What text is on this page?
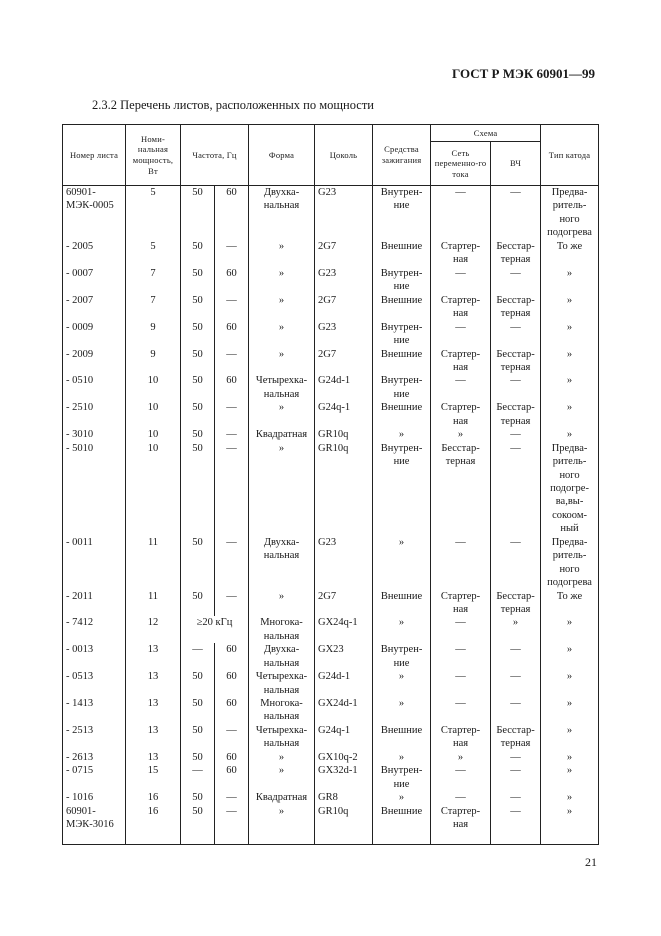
ГОСТ Р МЭК 60901—99
2.3.2 Перечень листов, расположенных по мощности
Номер листа	Номи-нальная мощность, Вт	Частота, Гц		Форма	Цоколь	Средства зажигания	Схема		Тип катода
							Сеть переменно-го тока	ВЧ	
60901-МЭК-0005	5	50	60	Двухка-нальная	G23	Внутрен-ние	—	—	Предва-ритель-ного подогрева
- 2005	5	50	—	»	2G7	Внешние	Стартер-ная	Бесстар-терная	То же
- 0007	7	50	60	»	G23	Внутрен-ние	—	—	»
- 2007	7	50	—	»	2G7	Внешние	Стартер-ная	Бесстар-терная	»
- 0009	9	50	60	»	G23	Внутрен-ние	—	—	»
- 2009	9	50	—	»	2G7	Внешние	Стартер-ная	Бесстар-терная	»
- 0510	10	50	60	Четырехка-нальная	G24d-1	Внутрен-ние	—	—	»
- 2510	10	50	—	»	G24q-1	Внешние	Стартер-ная	Бесстар-терная	»
- 3010	10	50	—	Квадратная	GR10q	»	»	—	»
- 5010	10	50	—	»	GR10q	Внутрен-ние	Бесстар-терная	—	Предва-ритель-ного подогре-ва,вы-сокоом-ный
- 0011	11	50	—	Двухка-нальная	G23	»	—	—	Предва-ритель-ного подогрева
- 2011	11	50	—	»	2G7	Внешние	Стартер-ная	Бесстар-терная	То же
- 7412	12	≥20 кГц		Многока-нальная	GX24q-1	»	—	»	»
- 0013	13	—	60	Двухка-нальная	GX23	Внутрен-ние	—	—	»
- 0513	13	50	60	Четырехка-нальная	G24d-1	»	—	—	»
- 1413	13	50	60	Многока-нальная	GX24d-1	»	—	—	»
- 2513	13	50	—	Четырехка-нальная	G24q-1	Внешние	Стартер-ная	Бесстар-терная	»
- 2613	13	50	60	»	GX10q-2	»	»	—	»
- 0715	15	—	60	»	GX32d-1	Внутрен-ние	—	—	»
- 1016	16	50	—	Квадратная	GR8	»	—	—	»
60901-МЭК-3016	16	50	—	»	GR10q	Внешние	Стартер-ная	—	»
21
